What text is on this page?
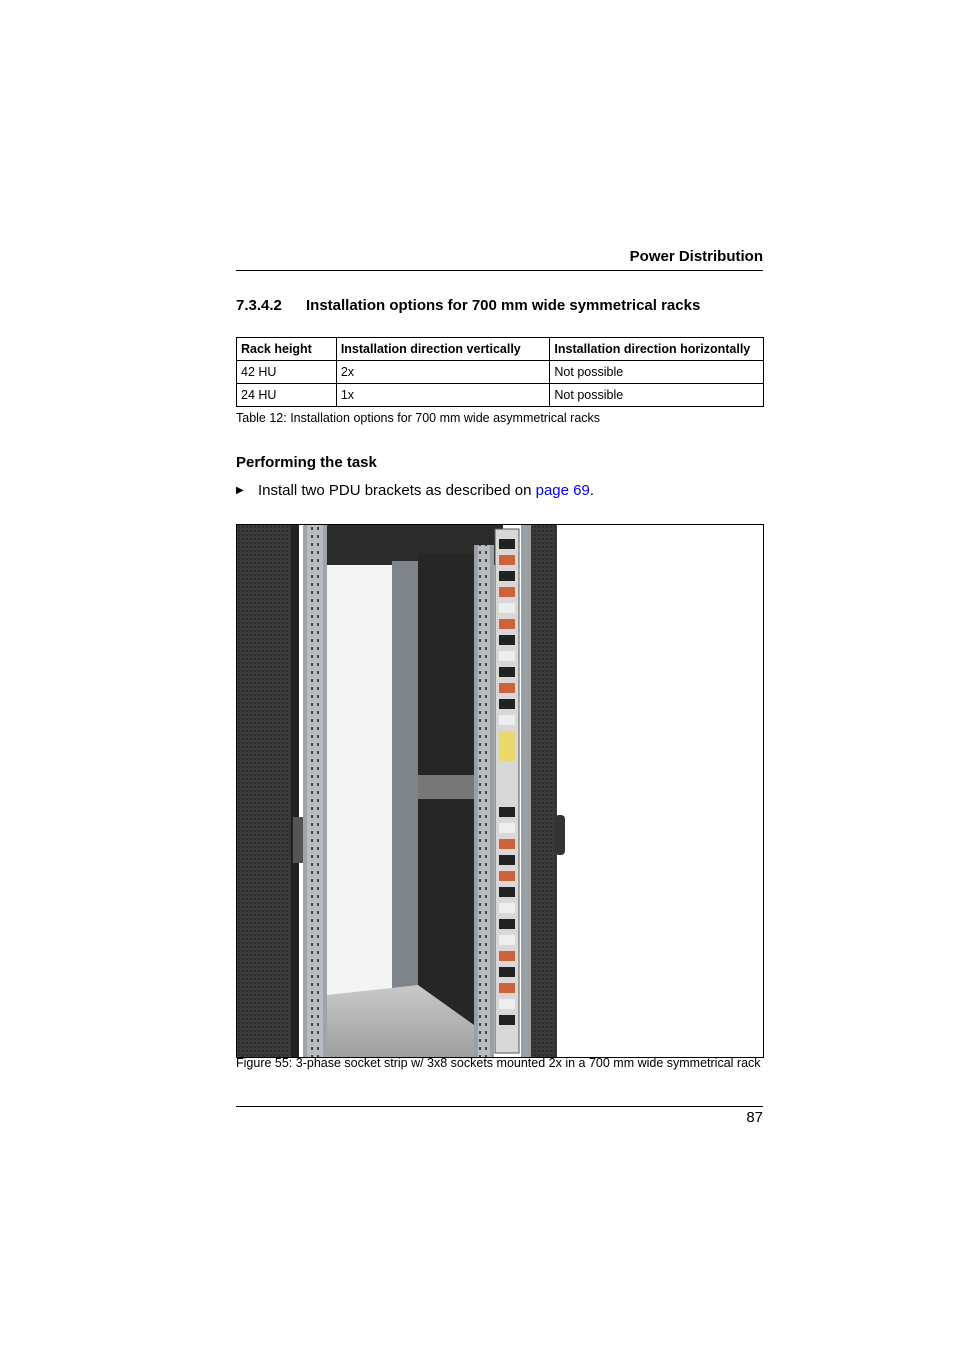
Power Distribution
7.3.4.2 Installation options for 700 mm wide symmetrical racks
Rack height	Installation direction vertically	Installation direction horizontally
42 HU	2x	Not possible
24 HU	1x	Not possible
Table 12: Installation options for 700 mm wide asymmetrical racks
Performing the task
▶ Install two PDU brackets as described on page 69.
Figure 55: 3-phase socket strip w/ 3x8 sockets mounted 2x in a 700 mm wide symmetrical rack
87
